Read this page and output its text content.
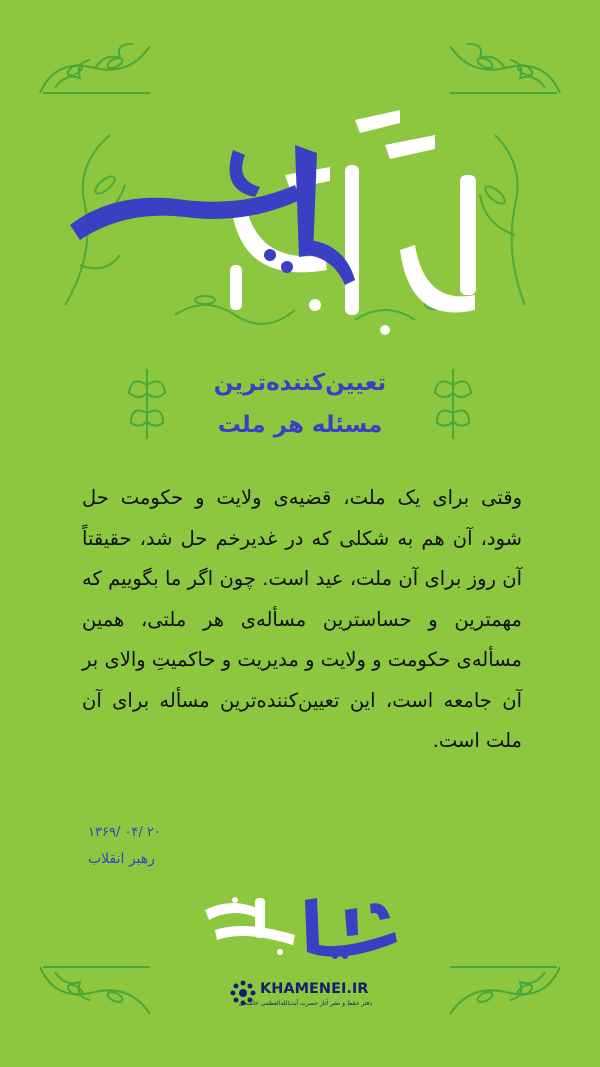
تعیین‌کننده‌ترین
مسئله هر ملت
وقتی برای یک ملت، قضیه‌ی ولایت و حکومت حل شود، آن هم به شکلی که در غدیرخم حل شد، حقیقتاً آن روز برای آن ملت، عید است. چون اگر ما بگوییم که مهمترین و حساسترین مسأله‌ی هر ملتی، همین مسأله‌ی حکومت و ولایت و مدیریت و حاکمیتِ والای بر آن جامعه است، این تعیین‌کننده‌ترین مسأله برای آن ملت است.
۱۳۶۹/ ۰۴/ ۲۰
رهبر انقلاب
KHAMENEI.IR
دفتر حفظ و نشر آثار حضرت آیت‌الله‌العظمی خامنه‌ای
